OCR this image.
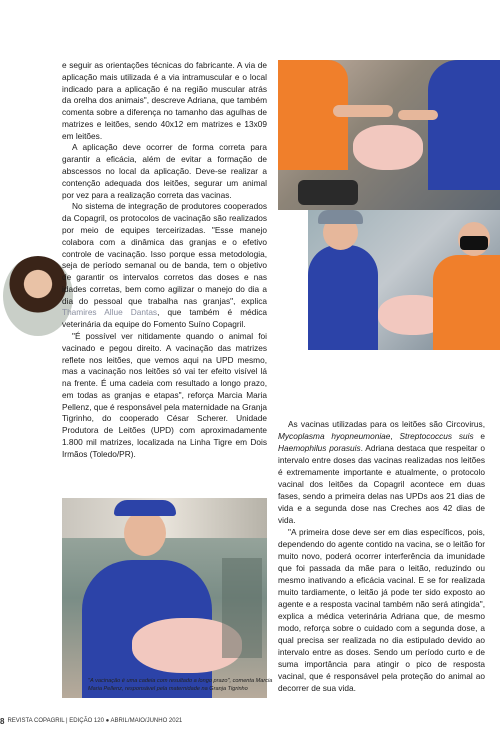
"A vacinação é uma cadeia com resultado a longo prazo", comenta Marcia Maria Pellenz, responsável pela maternidade na Granja Tigrinho

e seguir as orientações técnicas do fabricante. A via de aplicação mais utilizada é a via intramuscular e o local indicado para a aplicação é na região muscular atrás da orelha dos animais", descreve Adriana, que também comenta sobre a diferença no tamanho das agulhas de matrizes e leitões, sendo 40x12 em matrizes e 13x09 em leitões.

A aplicação deve ocorrer de forma correta para garantir a eficácia, além de evitar a formação de abscessos no local da aplicação. Deve-se realizar a contenção adequada dos leitões, segurar um animal por vez para a realização correta das vacinas.

No sistema de integração de produtores cooperados da Copagril, os protocolos de vacinação são realizados por meio de equipes terceirizadas. "Esse manejo colabora com a dinâmica das granjas e o efetivo controle de vacinação. Isso porque essa metodologia, seja de período semanal ou de banda, tem o objetivo de garantir os intervalos corretos das doses e nas idades corretas, bem como agilizar o manejo do dia a dia do pessoal que trabalha nas granjas", explica Thamires Allue Dantas, que também é médica veterinária da equipe do Fomento Suíno Copagril.

"É possível ver nitidamente quando o animal foi vacinado e pegou direito. A vacinação das matrizes reflete nos leitões, que vemos aqui na UPD mesmo, mas a vacinação nos leitões só vai ter efeito visível lá na frente. É uma cadeia com resultado a longo prazo, em todas as granjas e etapas", reforça Marcia Maria Pellenz, que é responsável pela maternidade na Granja Tigrinho, do cooperado César Scherer. Unidade Produtora de Leitões (UPD) com aproximadamente 1.800 mil matrizes, localizada na Linha Tigre em Dois Irmãos (Toledo/PR).

As vacinas utilizadas para os leitões são Circovirus, Mycoplasma hyopneumoniae, Streptococcus suis e Haemophilus porasuis. Adriana destaca que respeitar o intervalo entre doses das vacinas realizadas nos leitões é extremamente importante e atualmente, o protocolo vacinal dos leitões da Copagril acontece em duas fases, sendo a primeira delas nas UPDs aos 21 dias de vida e a segunda dose nas Creches aos 42 dias de vida.

"A primeira dose deve ser em dias específicos, pois, dependendo do agente contido na vacina, se o leitão for muito novo, poderá ocorrer interferência da imunidade que foi passada da mãe para o leitão, reduzindo ou mesmo inativando a eficácia vacinal. E se for realizada muito tardiamente, o leitão já pode ter sido exposto ao agente e a resposta vacinal também não será atingida", explica a médica veterinária Adriana que, de mesmo modo, reforça sobre o cuidado com a segunda dose, a qual precisa ser realizada no dia estipulado devido ao intervalo entre as doses. Sendo um período curto e de suma importância para atingir o pico de resposta vacinal, que é responsável pela proteção do animal ao decorrer de sua vida.

8 REVISTA COPAGRIL | EDIÇÃO 120 ● ABRIL/MAIO/JUNHO 2021
